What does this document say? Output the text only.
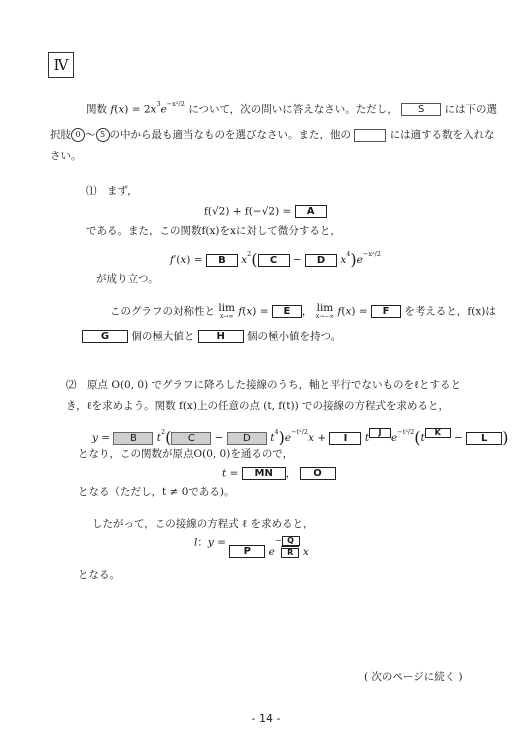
Ⅳ
関数 $f(x) = 2x^3e^{-x^2/2}$ について，次の問いに答えなさい。ただし， S には下の選
択肢 0 〜 5 の中から最も適当なものを選びなさい。また，他の	には適する数を入れな
さい。
⑴　まず，
f(√2) + f(−√2) = A
である。また，この関数f(x)をxに対して微分すると，
f′(x) = B $x^2$( C − D $x^4)e^{-x^2/2}$
が成り立つ。
このグラフの対称性と lim
x→∞ f(x) = E ， lim
x→−∞ f(x) = F を考えると，f(x)は
G 個の極大値と H 個の極小値を持つ。
⑵　原点 O(0, 0) でグラフに降ろした接線のうち，軸と平行でないものをℓとすると
き，ℓを求めよう。関数 f(x)上の任意の点 (t, f(t)) での接線の方程式を求めると，
y = B $t^2$( C − D $t^4)e^{-t^2/2}x + I$ t J $e^{-t^2/2}(t$ K − L )
となり，この関数が原点O(0, 0)を通るので，
t = MN ， O
となる（ただし，t ≠ 0である)。
したがって，この接線の方程式 ℓ を求めると，
l：y = P e $\frac{- Q}{R}$ x
となる。
( 次のページに続く )
- 14 -
